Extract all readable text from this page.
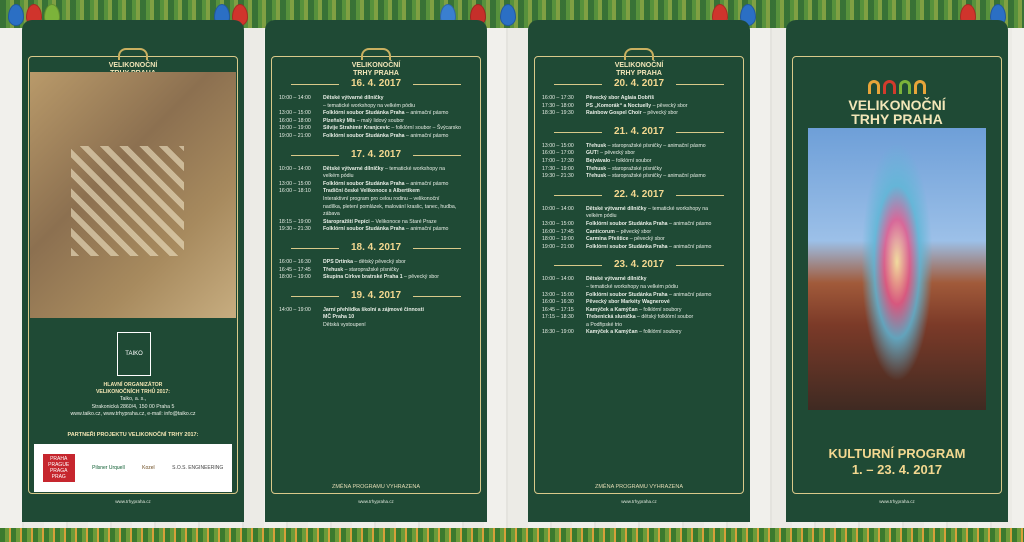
VELIKONOČNÍ

TAIKO
HLAVNÍ ORGANIZÁTOR
VELIKONOČNÍCH TRHŮ 2017:
Taiko, a. s.,
Strakonická 2860/4, 150 00 Praha 5
www.taiko.cz, www.trhypraha.cz, e-mail: info@taiko.cz
PARTNEŘI PROJEKTU VELIKONOČNÍ TRHY 2017:
PRAHA PRAGUE PRAGA PRAG
Pilsner Urquell	Kozel	S.O.S. ENGINEERING
www.trhypraha.cz
VELIKONOČNÍ
TRHY PRAHA
16. 4. 2017
10:00 – 14:00	Dětské výtvarné dílničky
– tematické workshopy na velkém pódiu
13:00 – 15:00	Folklórní soubor Studánka Praha – animační pásmo
16:00 – 18:00	Plzeňský Mls – malý lidový soubor
18:00 – 19:00	Silvije Strahimir Kranjcevic – folklórní soubor – Švýcarsko
19:00 – 21:00	Folklórní soubor Studánka Praha – animační pásmo
17. 4. 2017
10:00 – 14:00	Dětské výtvarné dílničky – tematické workshopy na
velkém pódiu
13:00 – 15:00	Folklórní soubor Studánka Praha – animační pásmo
16:00 – 18:10	Tradiční české Velikonoce s Albertikem
Interaktivní program pro celou rodinu – velikonoční
nadílka, pletení pomlázek, malování kraslic, tanec, hudba,
zábava
18:15 – 19:00	Staropražští Pepíci – Velikonoce na Staré Praze
19:30 – 21:30	Folklórní soubor Studánka Praha – animační pásmo
18. 4. 2017
16:00 – 16:30	DPS Drtinka – dětský pěvecký sbor
16:45 – 17:45	Třehusk – staropražské písničky
18:00 – 19:00	Skupina Církve bratrské Praha 1 – pěvecký sbor
19. 4. 2017
14:00 – 19:00	Jarní přehlídka školní a zájmové činnosti
MČ Praha 10
Dětská vystoupení
ZMĚNA PROGRAMU VYHRAZENA
www.trhypraha.cz
VELIKONOČNÍ
TRHY PRAHA
20. 4. 2017
16:00 – 17:30	Pěvecký sbor Aglaia Dobříš
17:30 – 18:00	PS „Komorák“ a Noctuelly – pěvecký sbor
18:30 – 19:30	Rainbow Gospel Choir – pěvecký sbor
21. 4. 2017
13:00 – 15:00	Třehusk – staropražské písničky – animační pásmo
16:00 – 17:00	GUT! – pěvecký sbor
17:00 – 17:30	Bejvávalo – folklórní soubor
17:30 – 19:00	Třehusk – staropražské písničky
19:30 – 21:30	Třehusk – staropražské písničky – animační pásmo
22. 4. 2017
10:00 – 14:00	Dětské výtvarné dílničky – tematické workshopy na
velkém pódiu
13:00 – 15:00	Folklórní soubor Studánka Praha – animační pásmo
16:00 – 17:45	Canticorum – pěvecký sbor
18:00 – 19:00	Carmina Přeštice – pěvecký sbor
19:00 – 21:00	Folklórní soubor Studánka Praha – animační pásmo
23. 4. 2017
10:00 – 14:00	Dětské výtvarné dílničky
– tematické workshopy na velkém pódiu
13:00 – 15:00	Folklórní soubor Studánka Praha – animační pásmo
16:00 – 16:30	Pěvecký sbor Markéty Wagnerové
16:45 – 17:15	Kamýček a Kamýčan – folklórní soubory
17:15 – 18:30	Třebenická sluníčka – dětský folklórní soubor
a Podřipské trio
18:30 – 19:00	Kamýček a Kamýčan – folklórní soubory
ZMĚNA PROGRAMU VYHRAZENA
www.trhypraha.cz
VELIKONOČNÍ
TRHY PRAHA
KULTURNÍ PROGRAM
1. – 23. 4. 2017
www.trhypraha.cz
